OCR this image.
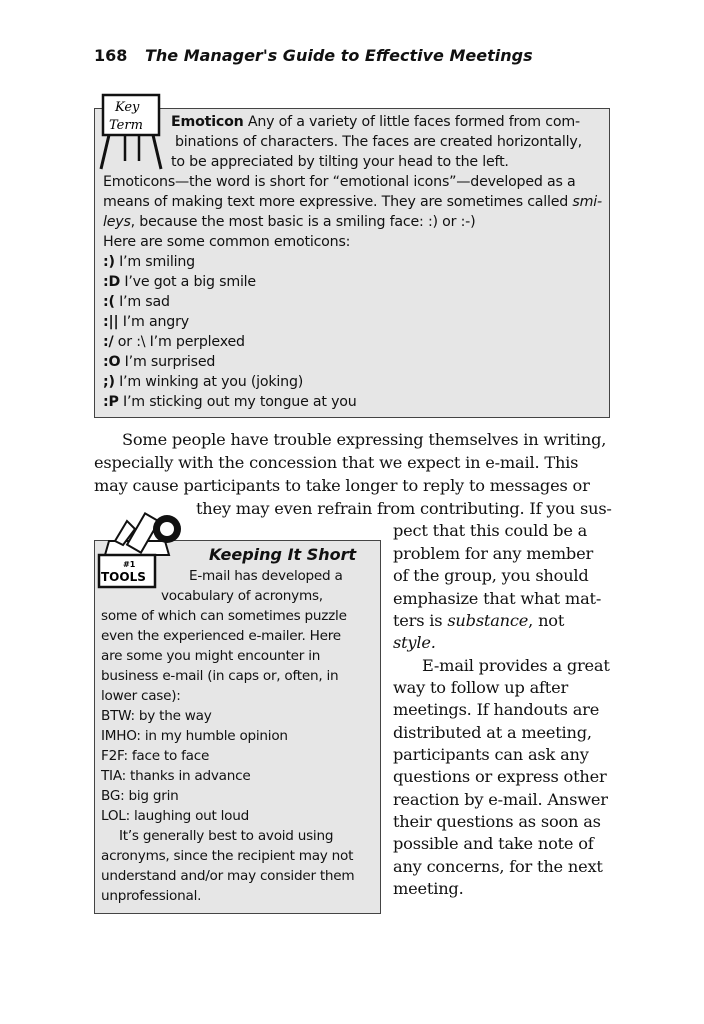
168 The Manager's Guide to Effective Meetings
Key
Term Emoticon Any of a variety of little faces formed from com-
binations of characters. The faces are created horizontally,
to be appreciated by tilting your head to the left.
Emoticons—the word is short for “emotional icons”—developed as a
means of making text more expressive. They are sometimes called smi-
leys, because the most basic is a smiling face: :) or :-)
Here are some common emoticons:
:) I’m smiling
:D I’ve got a big smile
:( I’m sad
:|| I’m angry
:/ or :\ I’m perplexed
:O I’m surprised
;) I’m winking at you (joking)
:P I’m sticking out my tongue at you
Some people have trouble expressing themselves in writing,
especially with the concession that we expect in e-mail. This
may cause participants to take longer to reply to messages or
they may even refrain from contributing. If you sus-
pect that this could be a
problem for any member
of the group, you should
emphasize that what mat-
ters is substance, not
style.
E-mail provides a great
way to follow up after
meetings. If handouts are
distributed at a meeting,
participants can ask any
questions or express other
reaction by e-mail. Answer
their questions as soon as
possible and take note of
any concerns, for the next
meeting.
#1
TOOLS
Keeping It Short
E-mail has developed a
vocabulary of acronyms,
some of which can sometimes puzzle
even the experienced e-mailer. Here
are some you might encounter in
business e-mail (in caps or, often, in
lower case):
BTW: by the way
IMHO: in my humble opinion
F2F: face to face
TIA: thanks in advance
BG: big grin
LOL: laughing out loud
It’s generally best to avoid using
acronyms, since the recipient may not
understand and/or may consider them
unprofessional.
